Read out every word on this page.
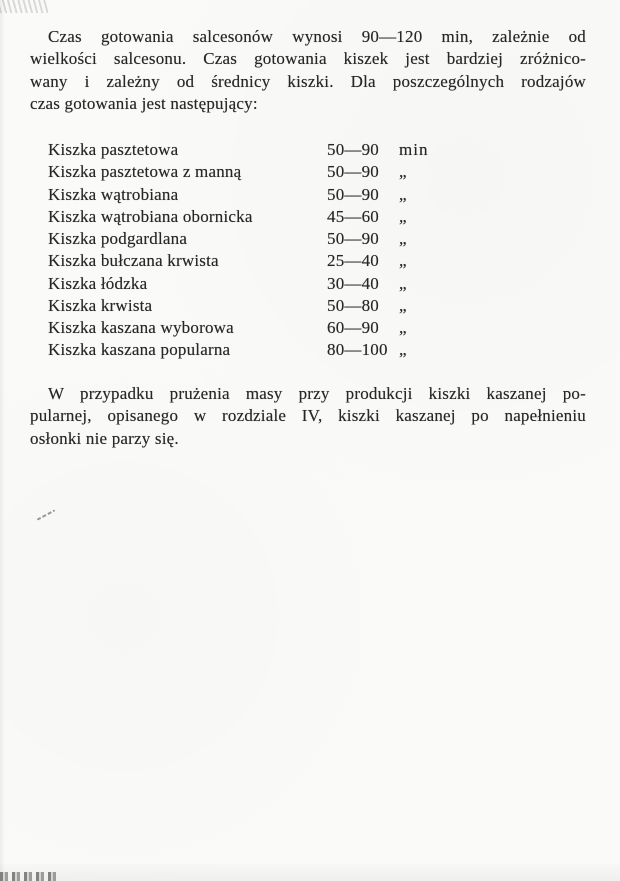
Czas gotowania salcesonów wynosi 90—120 min, zależnie od
wielkości salcesonu. Czas gotowania kiszek jest bardziej zróżnico-
wany i zależny od średnicy kiszki. Dla poszczególnych rodzajów
czas gotowania jest następujący:

Kiszka pasztetowa	50—90	min
Kiszka pasztetowa z manną	50—90	„
Kiszka wątrobiana	50—90	„
Kiszka wątrobiana obornicka	45—60	„
Kiszka podgardlana	50—90	„
Kiszka bułczana krwista	25—40	„
Kiszka łódzka	30—40	„
Kiszka krwista	50—80	„
Kiszka kaszana wyborowa	60—90	„
Kiszka kaszana popularna	80—100 „

W przypadku prużenia masy przy produkcji kiszki kaszanej po-
pularnej, opisanego w rozdziale IV, kiszki kaszanej po napełnieniu
osłonki nie parzy się.
